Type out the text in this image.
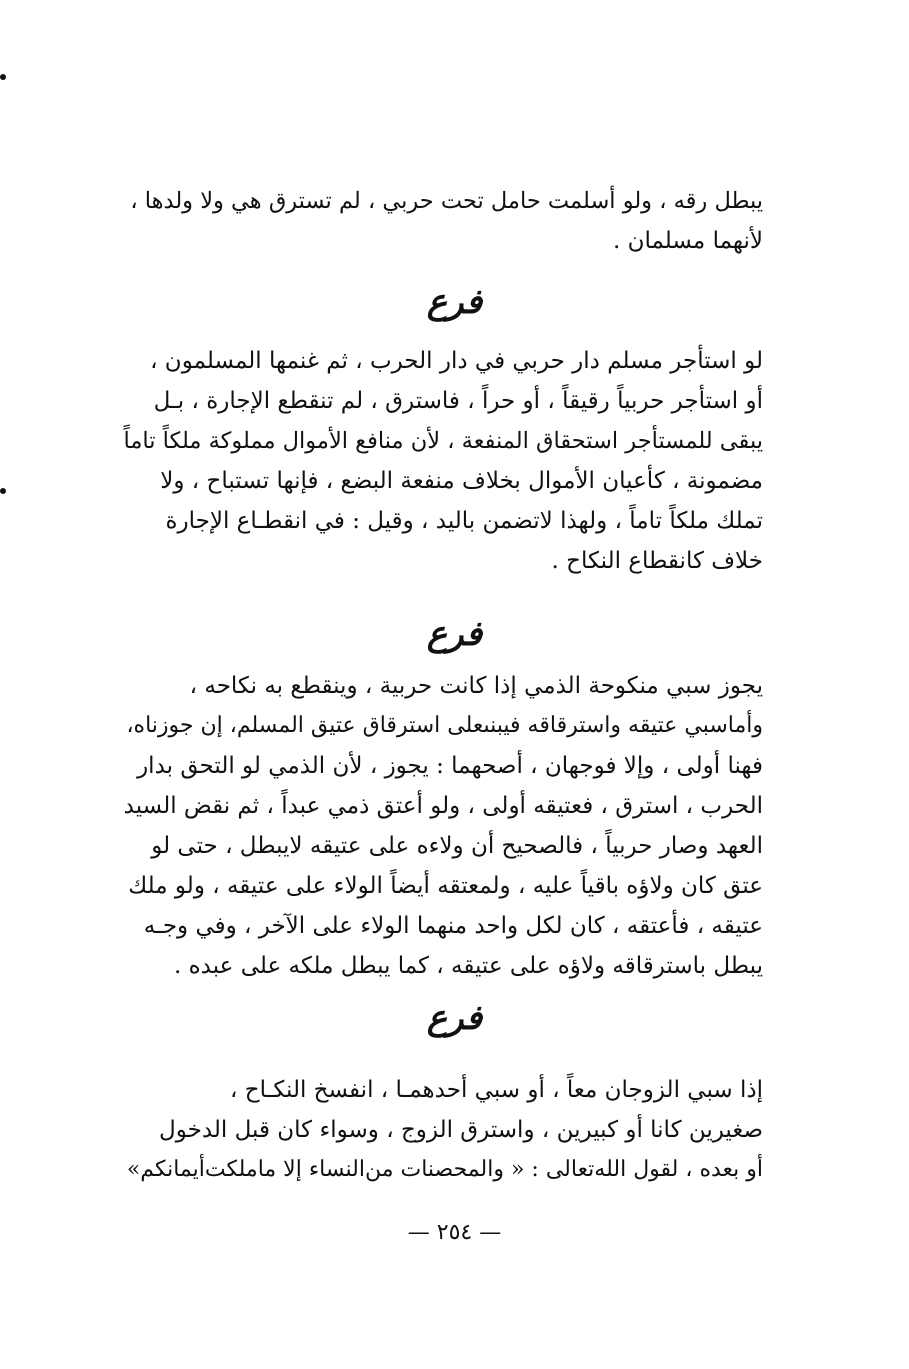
يبطل رقه ، ولو أسلمت حامل تحت حربي ، لم تسترق هي ولا ولدها ،
لأنهما مسلمان .
فرع
لو استأجر مسلم دار حربي في دار الحرب ، ثم غنمها المسلمون ،
أو استأجر حربياً رقيقاً ، أو حراً ، فاسترق ، لم تنقطع الإجارة ، بـل
يبقى للمستأجر استحقاق المنفعة ، لأن منافع الأموال مملوكة ملكاً تاماً
مضمونة ، كأعيان الأموال بخلاف منفعة البضع ، فإنها تستباح ، ولا
تملك ملكاً تاماً ، ولهذا لاتضمن باليد ، وقيل : في انقطـاع الإجارة
خلاف كانقطاع النكاح .
فرع
يجوز سبي منكوحة الذمي إذا كانت حربية ، وينقطع به نكاحه ،
وأماسبي عتيقه واسترقاقه فيبنىعلى استرقاق عتيق المسلم، إن جوزناه،
فهنا أولى ، وإلا فوجهان ، أصحهما : يجوز ، لأن الذمي لو التحق بدار
الحرب ، استرق ، فعتيقه أولى ، ولو أعتق ذمي عبداً ، ثم نقض السيد
العهد وصار حربياً ، فالصحيح أن ولاءه على عتيقه لايبطل ، حتى لو
عتق كان ولاؤه باقياً عليه ، ولمعتقه أيضاً الولاء على عتيقه ، ولو ملك
عتيقه ، فأعتقه ، كان لكل واحد منهما الولاء على الآخر ، وفي وجـه
يبطل باسترقاقه ولاؤه على عتيقه ، كما يبطل ملكه على عبده .
فرع
إذا سبي الزوجان معاً ، أو سبي أحدهمـا ، انفسخ النكـاح ،
صغيرين كانا أو كبيرين ، واسترق الزوج ، وسواء كان قبل الدخول
أو بعده ، لقول الله‌تعالى : « والمحصنات من‌النساء إلا ماملكت‌أيمانكم»
— ٢٥٤ —
